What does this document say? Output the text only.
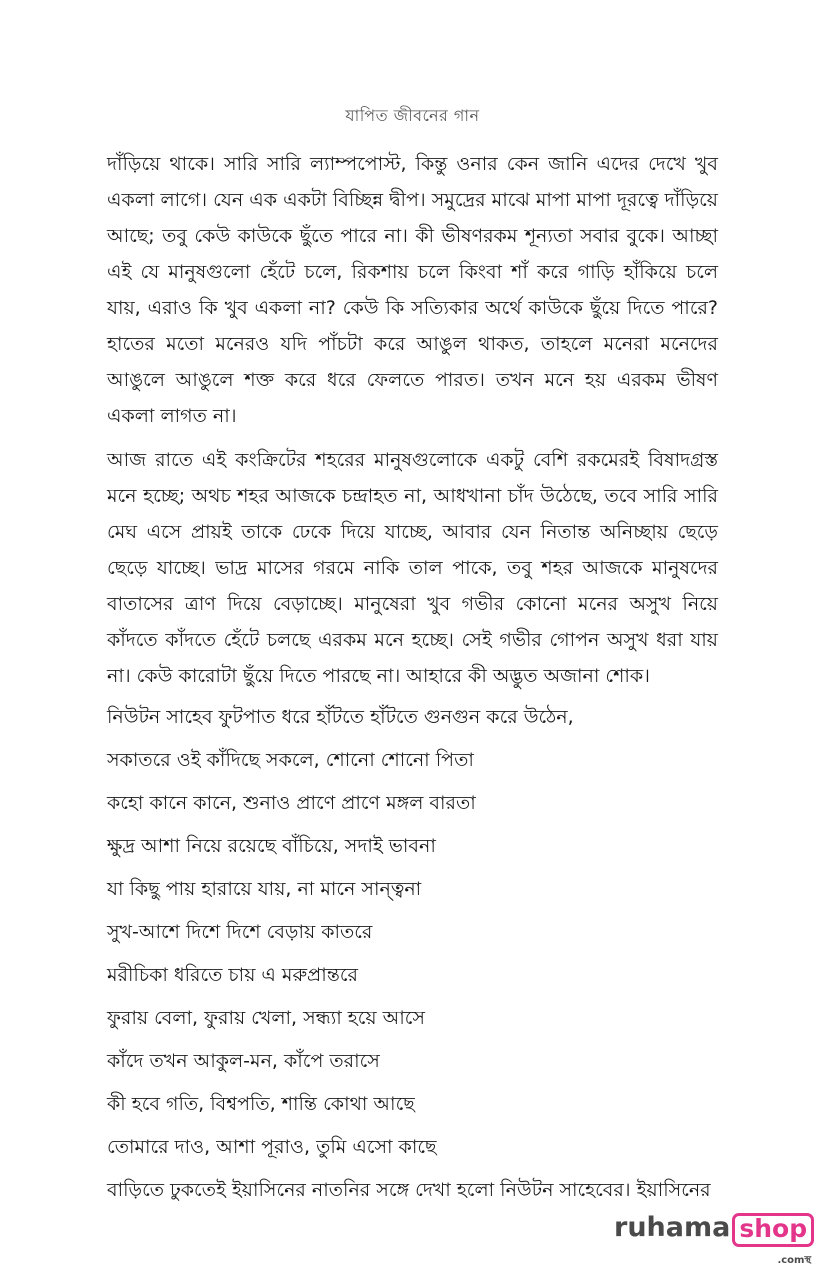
যাপিত জীবনের গান

দাঁড়িয়ে থাকে। সারি সারি ল্যাম্পপোস্ট, কিন্তু ওনার কেন জানি এদের দেখে খুব একলা লাগে। যেন এক একটা বিচ্ছিন্ন দ্বীপ। সমুদ্রের মাঝে মাপা মাপা দূরত্বে দাঁড়িয়ে আছে; তবু কেউ কাউকে ছুঁতে পারে না। কী ভীষণরকম শূন্যতা সবার বুকে। আচ্ছা এই যে মানুষগুলো হেঁটে চলে, রিকশায় চলে কিংবা শাঁ করে গাড়ি হাঁকিয়ে চলে যায়, এরাও কি খুব একলা না? কেউ কি সত্যিকার অর্থে কাউকে ছুঁয়ে দিতে পারে? হাতের মতো মনেরও যদি পাঁচটা করে আঙুল থাকত, তাহলে মনেরা মনেদের আঙুলে আঙুলে শক্ত করে ধরে ফেলতে পারত। তখন মনে হয় এরকম ভীষণ একলা লাগত না।

আজ রাতে এই কংক্রিটের শহরের মানুষগুলোকে একটু বেশি রকমেরই বিষাদগ্রস্ত মনে হচ্ছে; অথচ শহর আজকে চন্দ্রাহত না, আধখানা চাঁদ উঠেছে, তবে সারি সারি মেঘ এসে প্রায়ই তাকে ঢেকে দিয়ে যাচ্ছে, আবার যেন নিতান্ত অনিচ্ছায় ছেড়ে ছেড়ে যাচ্ছে। ভাদ্র মাসের গরমে নাকি তাল পাকে, তবু শহর আজকে মানুষদের বাতাসের ত্রাণ দিয়ে বেড়াচ্ছে। মানুষেরা খুব গভীর কোনো মনের অসুখ নিয়ে কাঁদতে কাঁদতে হেঁটে চলছে এরকম মনে হচ্ছে। সেই গভীর গোপন অসুখ ধরা যায় না। কেউ কারোটা ছুঁয়ে দিতে পারছে না। আহারে কী অদ্ভুত অজানা শোক।

নিউটন সাহেব ফুটপাত ধরে হাঁটতে হাঁটতে গুনগুন করে উঠেন,

সকাতরে ওই কাঁদিছে সকলে, শোনো শোনো পিতা

কহো কানে কানে, শুনাও প্রাণে প্রাণে মঙ্গল বারতা

ক্ষুদ্র আশা নিয়ে রয়েছে বাঁচিয়ে, সদাই ভাবনা

যা কিছু পায় হারায়ে যায়, না মানে সান্ত্বনা

সুখ-আশে দিশে দিশে বেড়ায় কাতরে

মরীচিকা ধরিতে চায় এ মরুপ্রান্তরে

ফুরায় বেলা, ফুরায় খেলা, সন্ধ্যা হয়ে আসে

কাঁদে তখন আকুল-মন, কাঁপে তরাসে

কী হবে গতি, বিশ্বপতি, শান্তি কোথা আছে

তোমারে দাও, আশা পূরাও, তুমি এসো কাছে

বাড়িতে ঢুকতেই ইয়াসিনের নাতনির সঙ্গে দেখা হলো নিউটন সাহেবের। ইয়াসিনের

ruhama shop
.comস্থ
